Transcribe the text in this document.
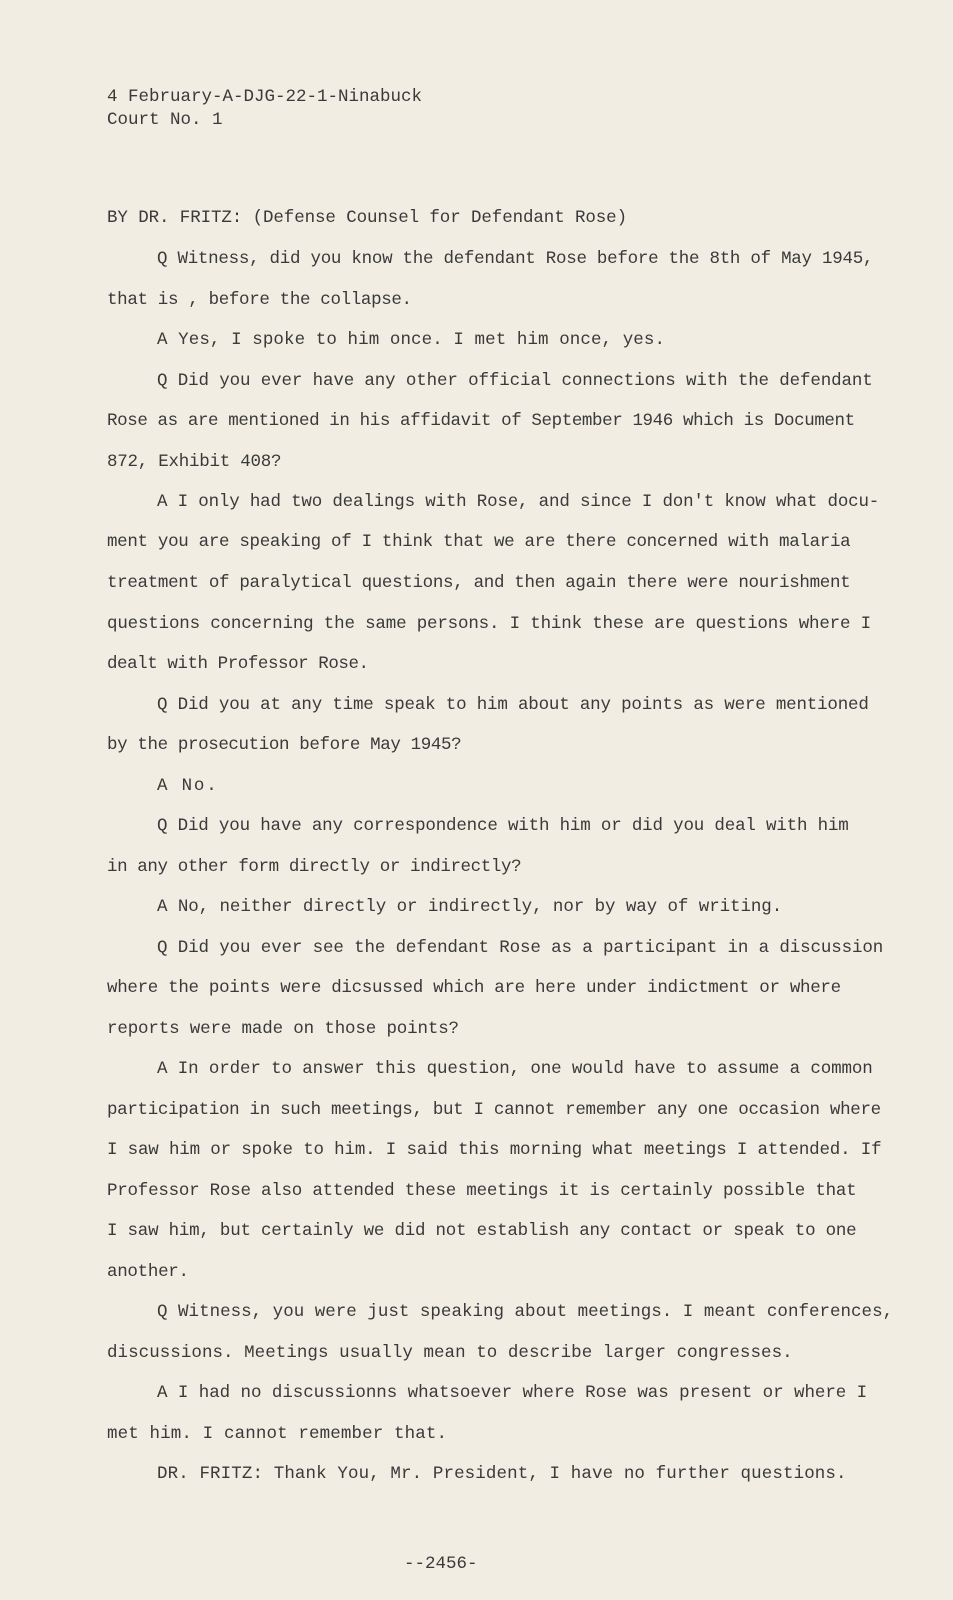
4 February-A-DJG-22-1-Ninabuck
Court No. 1
BY DR. FRITZ: (Defense Counsel for Defendant Rose)
Q Witness, did you know the defendant Rose before the 8th of May 1945,
that is , before the collapse.
A Yes, I spoke to him once. I met him once, yes.
Q Did you ever have any other official connections with the defendant
Rose as are mentioned in his affidavit of September 1946 which is Document
872, Exhibit 408?
A I only had two dealings with Rose, and since I don't know what docu-
ment you are speaking of I think that we are there concerned with malaria
treatment of paralytical questions, and then again there were nourishment
questions concerning the same persons. I think these are questions where I
dealt with Professor Rose.
Q Did you at any time speak to him about any points as were mentioned
by the prosecution before May 1945?
A No.
Q Did you have any correspondence with him or did you deal with him
in any other form directly or indirectly?
A No, neither directly or indirectly, nor by way of writing.
Q Did you ever see the defendant Rose as a participant in a discussion
where the points were dicsussed which are here under indictment or where
reports were made on those points?
A In order to answer this question, one would have to assume a common
participation in such meetings, but I cannot remember any one occasion where
I saw him or spoke to him. I said this morning what meetings I attended. If
Professor Rose also attended these meetings it is certainly possible that
I saw him, but certainly we did not establish any contact or speak to one
another.
Q Witness, you were just speaking about meetings. I meant conferences,
discussions. Meetings usually mean to describe larger congresses.
A I had no discussionns whatsoever where Rose was present or where I
met him. I cannot remember that.
DR. FRITZ: Thank You, Mr. President, I have no further questions.
--2456-
